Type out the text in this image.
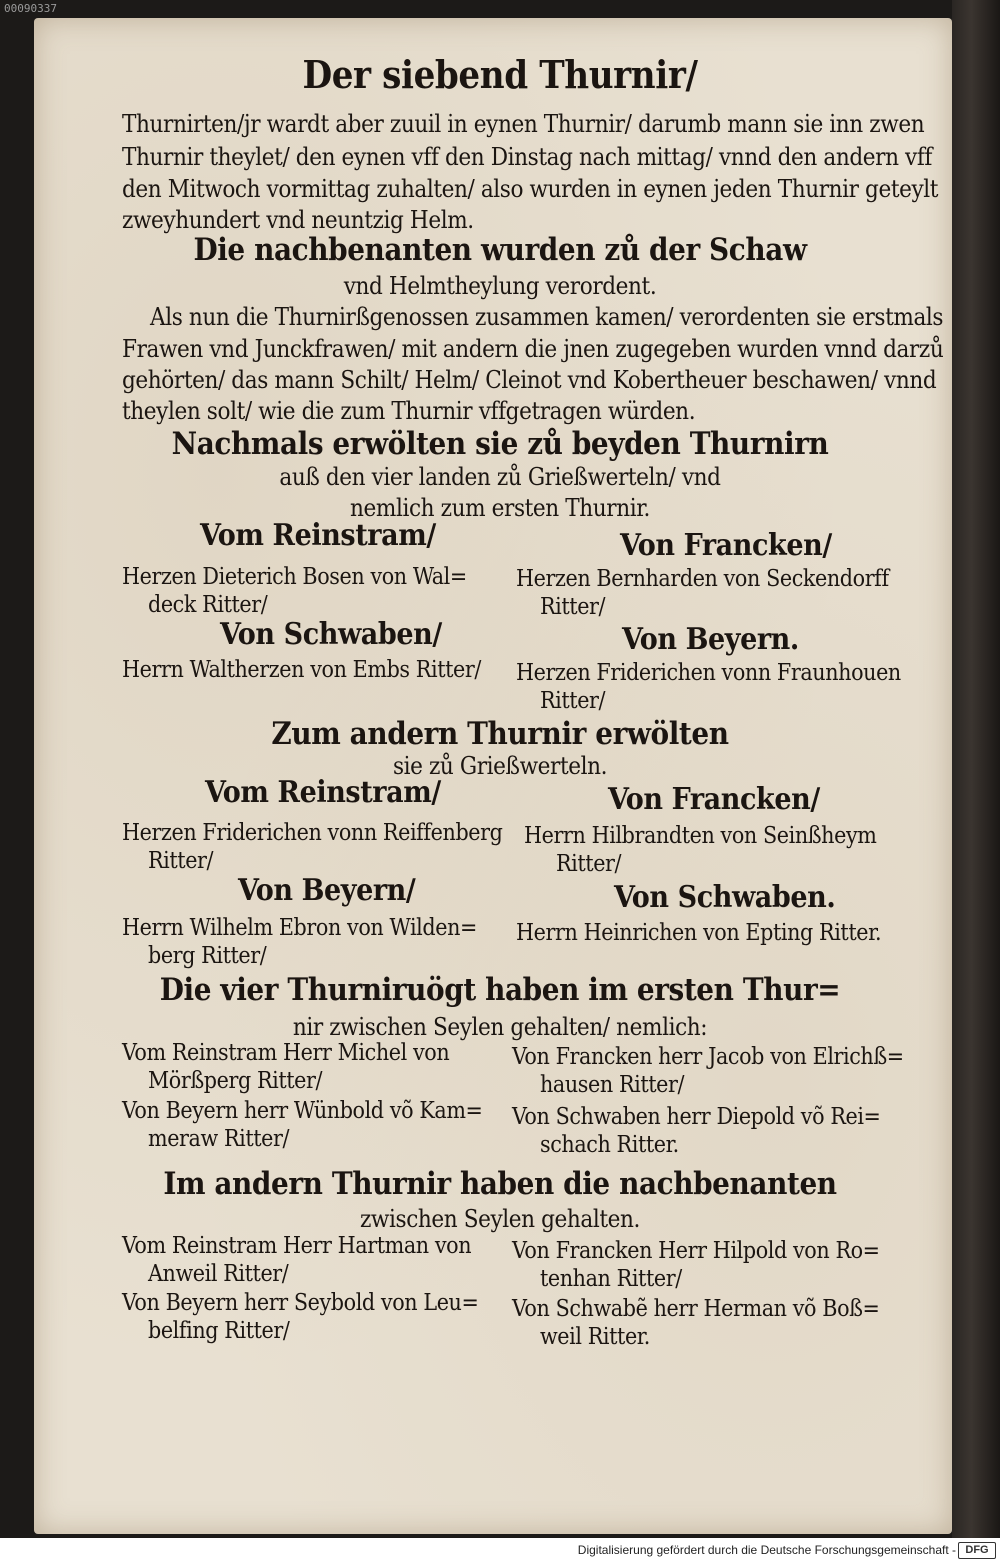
00090337
Der siebend Thurnir/
Thurnirten/jr wardt aber zuuil in eynen Thurnir/ darumb mann sie inn zwen
Thurnir theylet/ den eynen vff den Dinstag nach mittag/ vnnd den andern vff
den Mitwoch vormittag zuhalten/ also wurden in eynen jeden Thurnir geteylt
zweyhundert vnd neuntzig Helm.
Die nachbenanten wurden zů der Schaw
vnd Helmtheylung verordent.
Als nun die Thurnirßgenossen zusammen kamen/ verordenten sie erstmals
Frawen vnd Junckfrawen/ mit andern die jnen zugegeben wurden vnnd darzů
gehörten/ das mann Schilt/ Helm/ Cleinot vnd Kobertheuer beschawen/ vnnd
theylen solt/ wie die zum Thurnir vffgetragen würden.
Nachmals erwölten sie zů beyden Thurnirn
auß den vier landen zů Grießwerteln/ vnd
nemlich zum ersten Thurnir.
Vom Reinstram/	Von Francken/
Herzen Dieterich Bosen von Wal=
deck Ritter/
Herzen Bernharden von Seckendorff
Ritter/
Von Schwaben/	Von Beyern.
Herrn Waltherzen von Embs Ritter/ Herzen Friderichen vonn Fraunhouen
Ritter/
Zum andern Thurnir erwölten
sie zů Grießwerteln.
Vom Reinstram/	Von Francken/
Herzen Friderichen vonn Reiffenberg
Ritter/
Herrn Hilbrandten von Seinßheym
Ritter/
Von Beyern/	Von Schwaben.
Herrn Wilhelm Ebron von Wilden=
berg Ritter/
Herrn Heinrichen von Epting Ritter.
Die vier Thurniruögt haben im ersten Thur=
nir zwischen Seylen gehalten/ nemlich:
Vom Reinstram Herr Michel von
Mörßperg Ritter/
Von Francken herr Jacob von Elrichß=
hausen Ritter/
Von Beyern herr Wünbold võ Kam=
meraw Ritter/
Von Schwaben herr Diepold võ Rei=
schach Ritter.
Im andern Thurnir haben die nachbenanten
zwischen Seylen gehalten.
Vom Reinstram Herr Hartman von
Anweil Ritter/
Von Francken Herr Hilpold von Ro=
tenhan Ritter/
Von Beyern herr Seybold von Leu=
belfing Ritter/
Von Schwabẽ herr Herman võ Boß=
weil Ritter.
Digitalisierung gefördert durch die Deutsche Forschungsgemeinschaft - DFG
